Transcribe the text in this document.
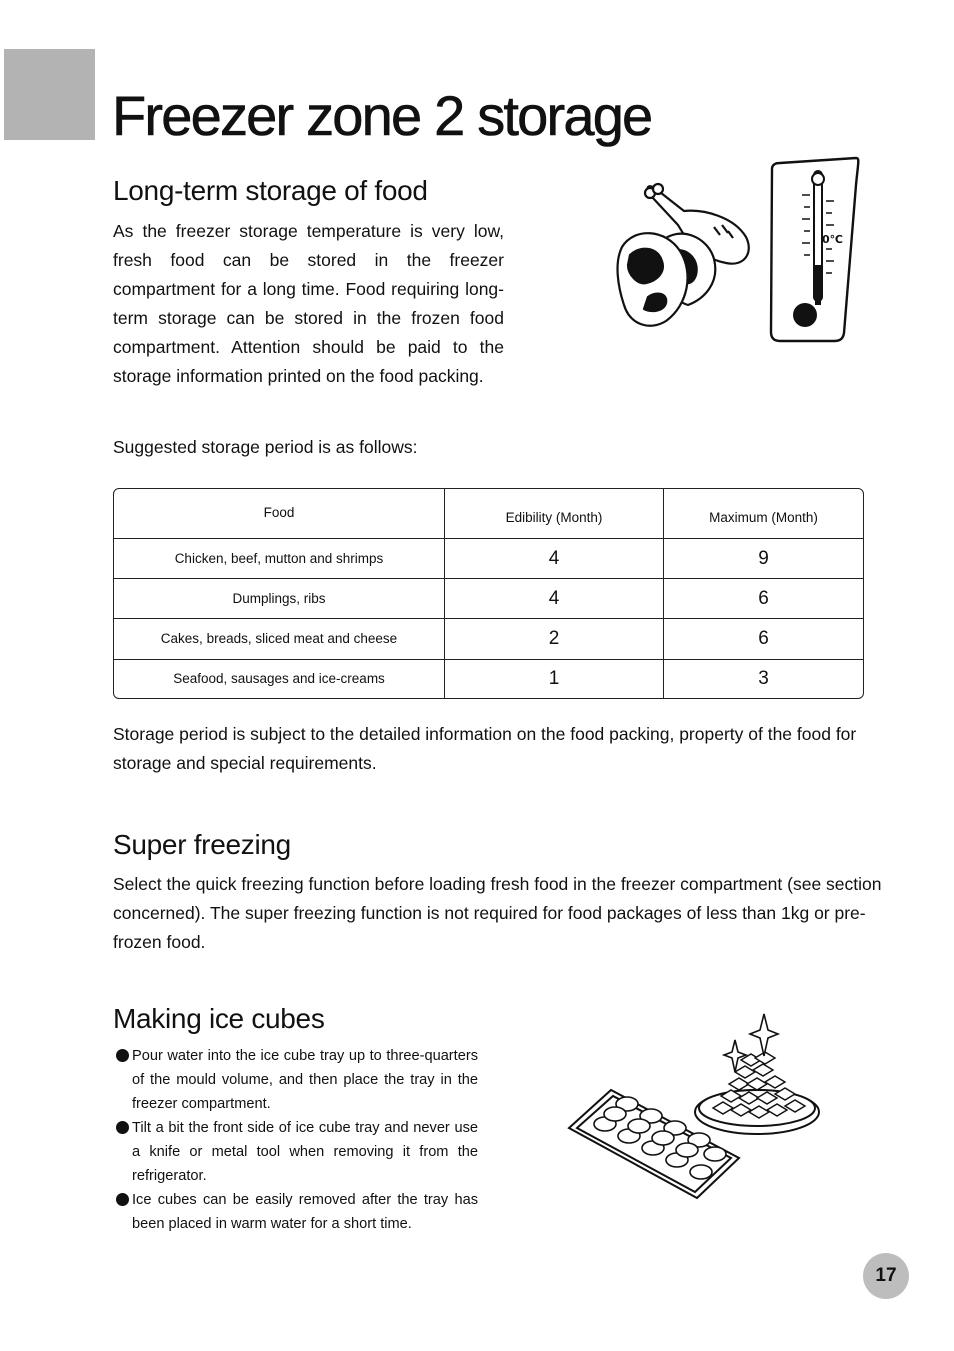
Freezer zone 2 storage
Long-term storage of food

As the freezer storage temperature is very low, fresh food can be stored in the freezer compartment for a long time. Food requiring long-term storage can be stored in the frozen food compartment. Attention should be paid to the storage information printed on the food packing.

0℃

Suggested storage period is as follows:

Food	Edibility (Month)	Maximum (Month)
Chicken, beef, mutton and shrimps	4	9
Dumplings, ribs	4	6
Cakes, breads, sliced meat and cheese	2	6
Seafood, sausages and ice-creams	1	3

Storage period is subject to the detailed information on the food packing, property of the food for storage and special requirements.

Super freezing

Select the quick freezing function before loading fresh food in the freezer compartment (see section concerned). The super freezing function is not required for food packages of less than 1kg or pre-frozen food.

Making ice cubes
Pour water into the ice cube tray up to three-quarters of the mould volume, and then place the tray in the freezer compartment.
Tilt a bit the front side of ice cube tray and never use a knife or metal tool when removing it from the refrigerator.
Ice cubes can be easily removed after the tray has been placed in warm water for a short time.
17
